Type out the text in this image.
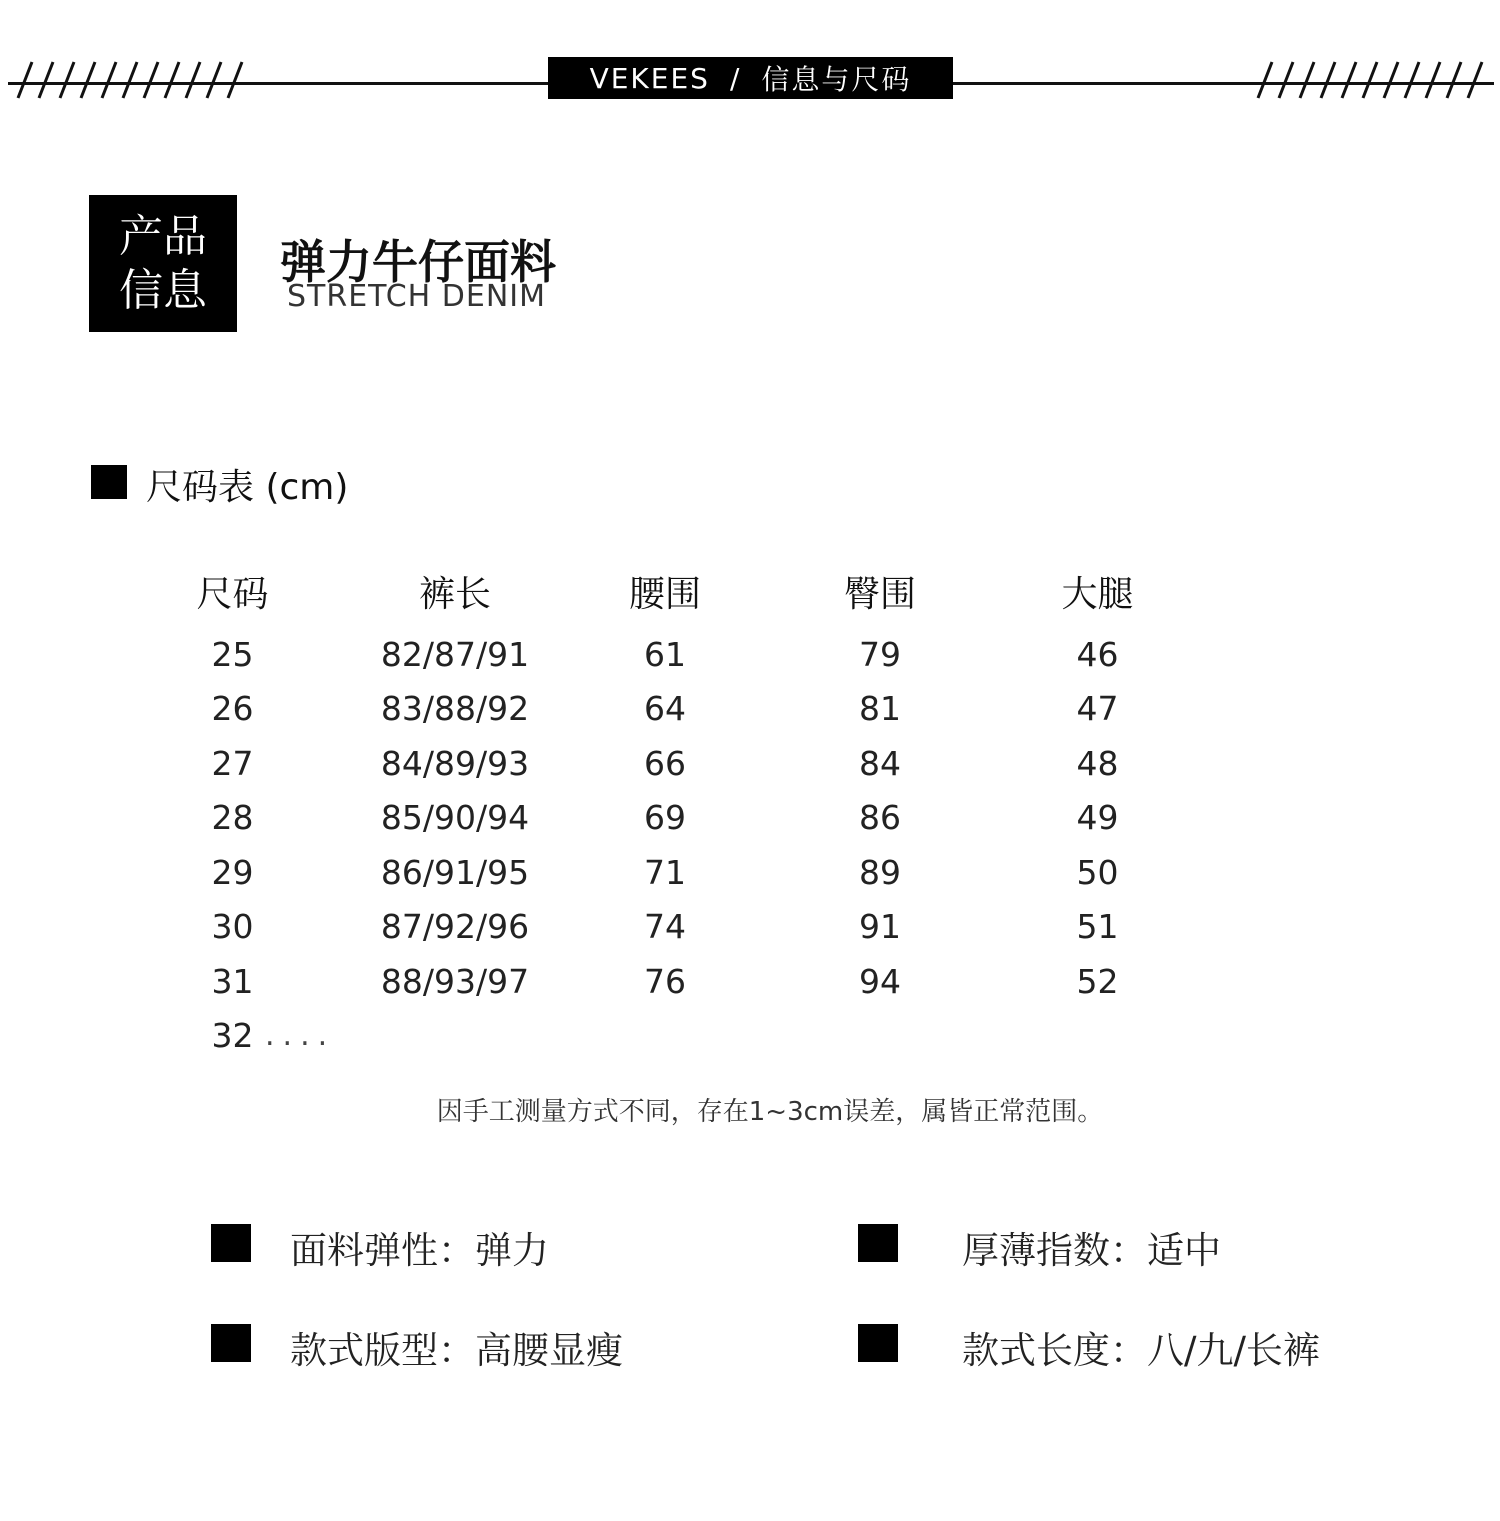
VEKEES / 信息与尺码
产品
信息
弹力牛仔面料
STRETCH DENIM
尺码表 (cm)
尺码	裤长	腰围	臀围	大腿
25	82/87/91	61	79	46
26	83/88/92	64	81	47
27	84/89/93	66	84	48
28	85/90/94	69	86	49
29	86/91/95	71	89	50
30	87/92/96	74	91	51
31	88/93/97	76	94	52
32 ....
因手工测量方式不同，存在1~3cm误差，属皆正常范围。
面料弹性：弹力	厚薄指数：适中
款式版型：高腰显瘦	款式长度：八/九/长裤
